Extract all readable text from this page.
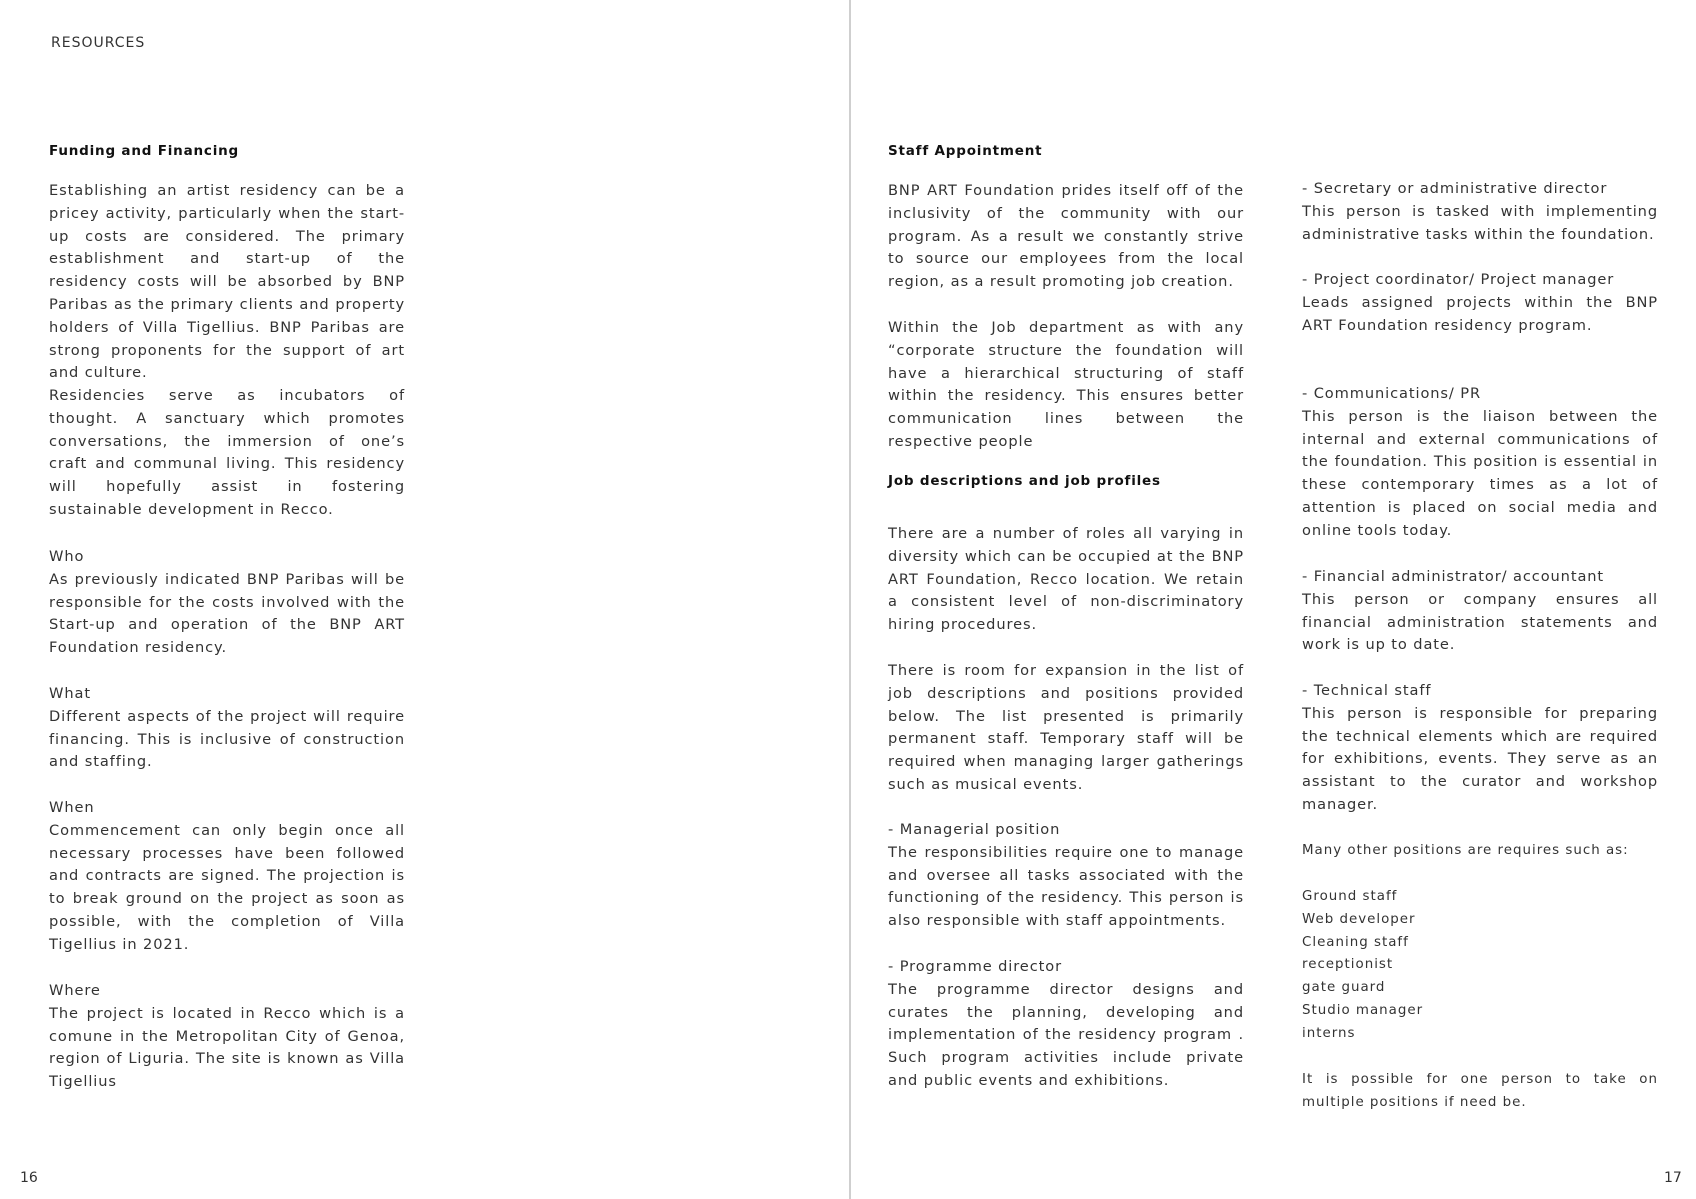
RESOURCES

Funding and Financing

Establishing an artist residency can be a pricey activity, particularly when the start-up costs are considered. The primary establishment and start-up of the residency costs will be absorbed by BNP Paribas as the primary clients and property holders of Villa Tigellius. BNP Paribas are strong proponents for the support of art and culture.

Residencies serve as incubators of thought. A sanctuary which promotes conversations, the immersion of one’s craft and communal living. This residency will hopefully assist in fostering sustainable development in Recco.

Who

As previously indicated BNP Paribas will be responsible for the costs involved with the Start-up and operation of the BNP ART Foundation residency.

What

Different aspects of the project will require financing. This is inclusive of construction and staffing.

When

Commencement can only begin once all necessary processes have been followed and contracts are signed. The projection is to break ground on the project as soon as possible, with the completion of Villa Tigellius in 2021.

Where

The project is located in Recco which is a comune in the Metropolitan City of Genoa, region of Liguria. The site is known as Villa Tigellius

16

Staff Appointment

BNP ART Foundation prides itself off of the inclusivity of the community with our program. As a result we constantly strive to source our employees from the local region, as a result promoting job creation.

Within the Job department as with any “corporate structure the foundation will have a hierarchical structuring of staff within the residency. This ensures better communication lines between the respective people

Job descriptions and job profiles

There are a number of roles all varying in diversity which can be occupied at the BNP ART Foundation, Recco location. We retain a consistent level of non-discriminatory hiring procedures.

There is room for expansion in the list of job descriptions and positions provided below. The list presented is primarily permanent staff. Temporary staff will be required when managing larger gatherings such as musical events.

- Managerial position

The responsibilities require one to manage and oversee all tasks associated with the functioning of the residency. This person is also responsible with staff appointments.

- Programme director

The programme director designs and curates the planning, developing and implementation of the residency program . Such program activities include private and public events and exhibitions.

- Secretary or administrative director

This person is tasked with implementing administrative tasks within the foundation.

- Project coordinator/ Project manager

Leads assigned projects within the BNP ART Foundation residency program.

- Communications/ PR

This person is the liaison between the internal and external communications of the foundation. This position is essential in these contemporary times as a lot of attention is placed on social media and online tools today.

- Financial administrator/ accountant

This person or company ensures all financial administration statements and work is up to date.

- Technical staff

This person is responsible for preparing the technical elements which are required for exhibitions, events. They serve as an assistant to the curator and workshop manager.

Many other positions are requires such as:

Ground staff
Web developer
Cleaning staff
receptionist
gate guard
Studio manager
interns

It is possible for one person to take on multiple positions if need be.

17
